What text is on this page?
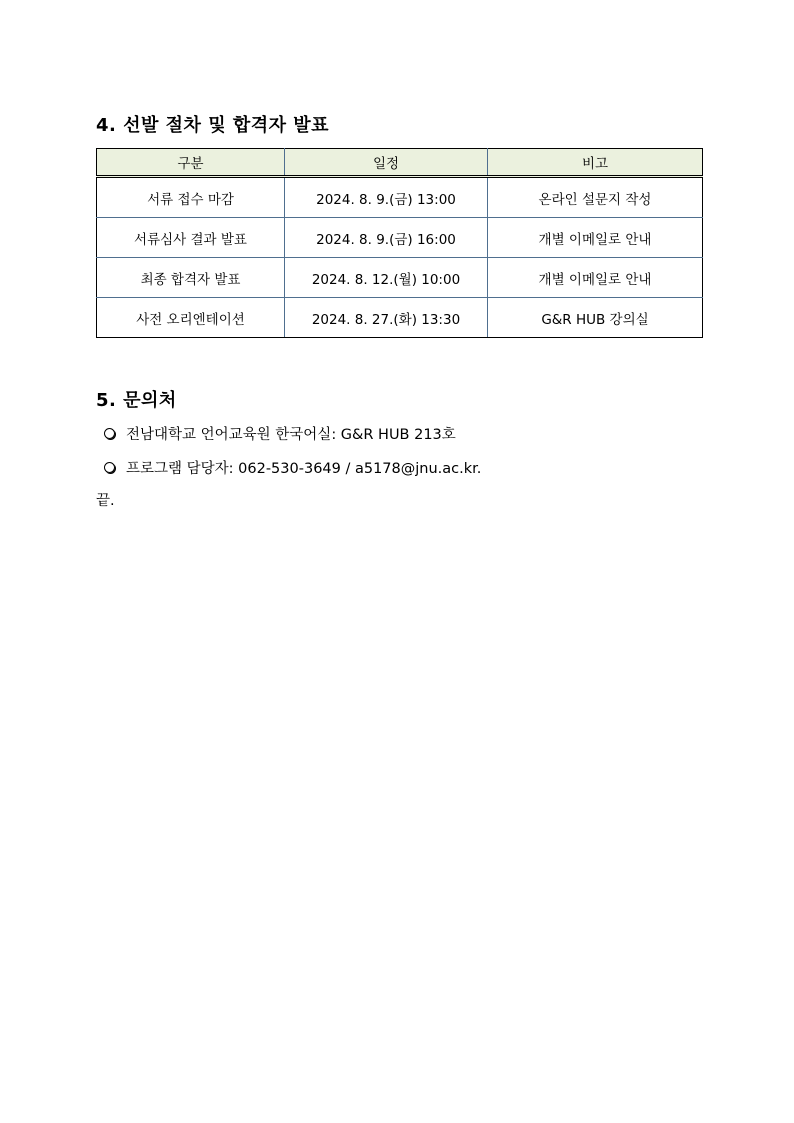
4. 선발 절차 및 합격자 발표
구분	일정	비고
서류 접수 마감	2024. 8. 9.(금) 13:00	온라인 설문지 작성
서류심사 결과 발표	2024. 8. 9.(금) 16:00	개별 이메일로 안내
최종 합격자 발표	2024. 8. 12.(월) 10:00	개별 이메일로 안내
사전 오리엔테이션	2024. 8. 27.(화) 13:30	G&R HUB 강의실
5. 문의처
전남대학교 언어교육원 한국어실: G&R HUB 213호
프로그램 담당자: 062-530-3649 / a5178@jnu.ac.kr.
끝.
